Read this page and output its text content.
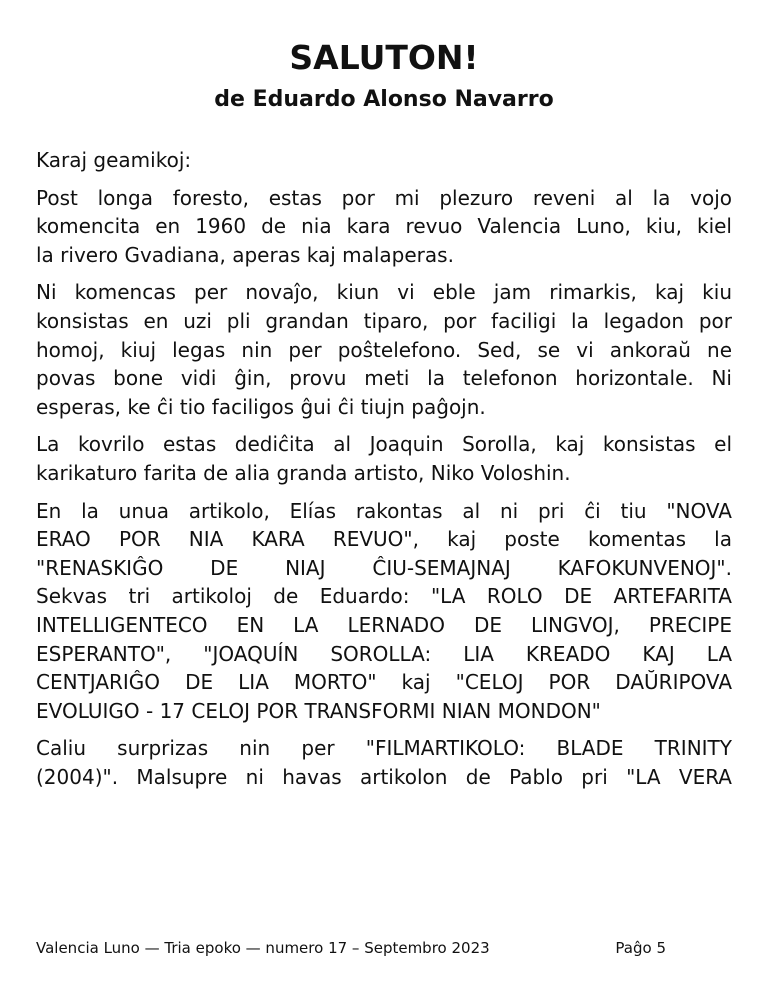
SALUTON!
de Eduardo Alonso Navarro

Karaj geamikoj:

Post longa foresto, estas por mi plezuro reveni al la vojo
komencita en 1960 de nia kara revuo Valencia Luno, kiu, kiel
la rivero Gvadiana, aperas kaj malaperas.

Ni komencas per novaĵo, kiun vi eble jam rimarkis, kaj kiu
konsistas en uzi pli grandan tiparo, por faciligi la legadon por
homoj, kiuj legas nin per poŝtelefono. Sed, se vi ankoraŭ ne
povas bone vidi ĝin, provu meti la telefonon horizontale. Ni
esperas, ke ĉi tio faciligos ĝui ĉi tiujn paĝojn.

La kovrilo estas dediĉita al Joaquin Sorolla, kaj konsistas el
karikaturo farita de alia granda artisto, Niko Voloshin.

En la unua artikolo, Elías rakontas al ni pri ĉi tiu "NOVA
ERAO POR NIA KARA REVUO", kaj poste komentas la
"RENASKIĜO DE NIAJ ĈIU-SEMAJNAJ KAFOKUNVENOJ".
Sekvas tri artikoloj de Eduardo: "LA ROLO DE ARTEFARITA
INTELLIGENTECO EN LA LERNADO DE LINGVOJ, PRECIPE
ESPERANTO", "JOAQUÍN SOROLLA: LIA KREADO KAJ LA
CENTJARIĜO DE LIA MORTO" kaj "CELOJ POR DAŬRIPOVA
EVOLUIGO - 17 CELOJ POR TRANSFORMI NIAN MONDON"

Caliu surprizas nin per "FILMARTIKOLO: BLADE TRINITY
(2004)". Malsupre ni havas artikolon de Pablo pri "LA VERA

Valencia Luno — Tria epoko — numero 17 – Septembro 2023	Paĝo 5
